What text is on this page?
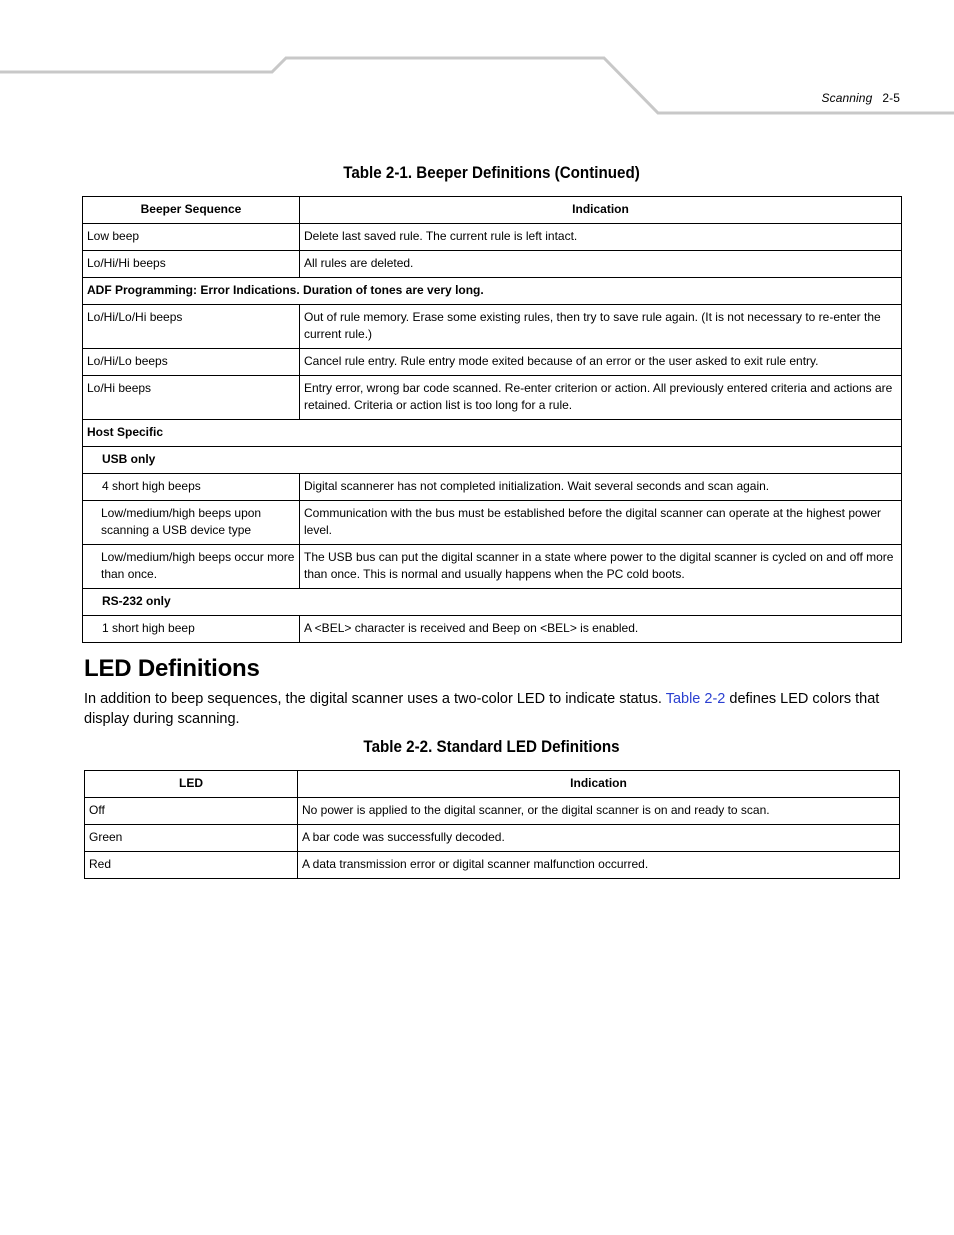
Scanning 2-5
Table 2-1. Beeper Definitions (Continued)
Beeper Sequence	Indication
Low beep	Delete last saved rule. The current rule is left intact.
Lo/Hi/Hi beeps	All rules are deleted.
ADF Programming: Error Indications. Duration of tones are very long.	
Lo/Hi/Lo/Hi beeps	Out of rule memory. Erase some existing rules, then try to save rule again. (It is not necessary to re-enter the current rule.)
Lo/Hi/Lo beeps	Cancel rule entry. Rule entry mode exited because of an error or the user asked to exit rule entry.
Lo/Hi beeps	Entry error, wrong bar code scanned. Re-enter criterion or action. All previously entered criteria and actions are retained. Criteria or action list is too long for a rule.
Host Specific	
USB only	
4 short high beeps	Digital scannerer has not completed initialization. Wait several seconds and scan again.
Low/medium/high beeps upon scanning a USB device type	Communication with the bus must be established before the digital scanner can operate at the highest power level.
Low/medium/high beeps occur more than once.	The USB bus can put the digital scanner in a state where power to the digital scanner is cycled on and off more than once. This is normal and usually happens when the PC cold boots.
RS-232 only	
1 short high beep	A <BEL> character is received and Beep on <BEL> is enabled.
LED Definitions
In addition to beep sequences, the digital scanner uses a two-color LED to indicate status. Table 2-2 defines LED colors that display during scanning.
Table 2-2. Standard LED Definitions
LED	Indication
Off	No power is applied to the digital scanner, or the digital scanner is on and ready to scan.
Green	A bar code was successfully decoded.
Red	A data transmission error or digital scanner malfunction occurred.
